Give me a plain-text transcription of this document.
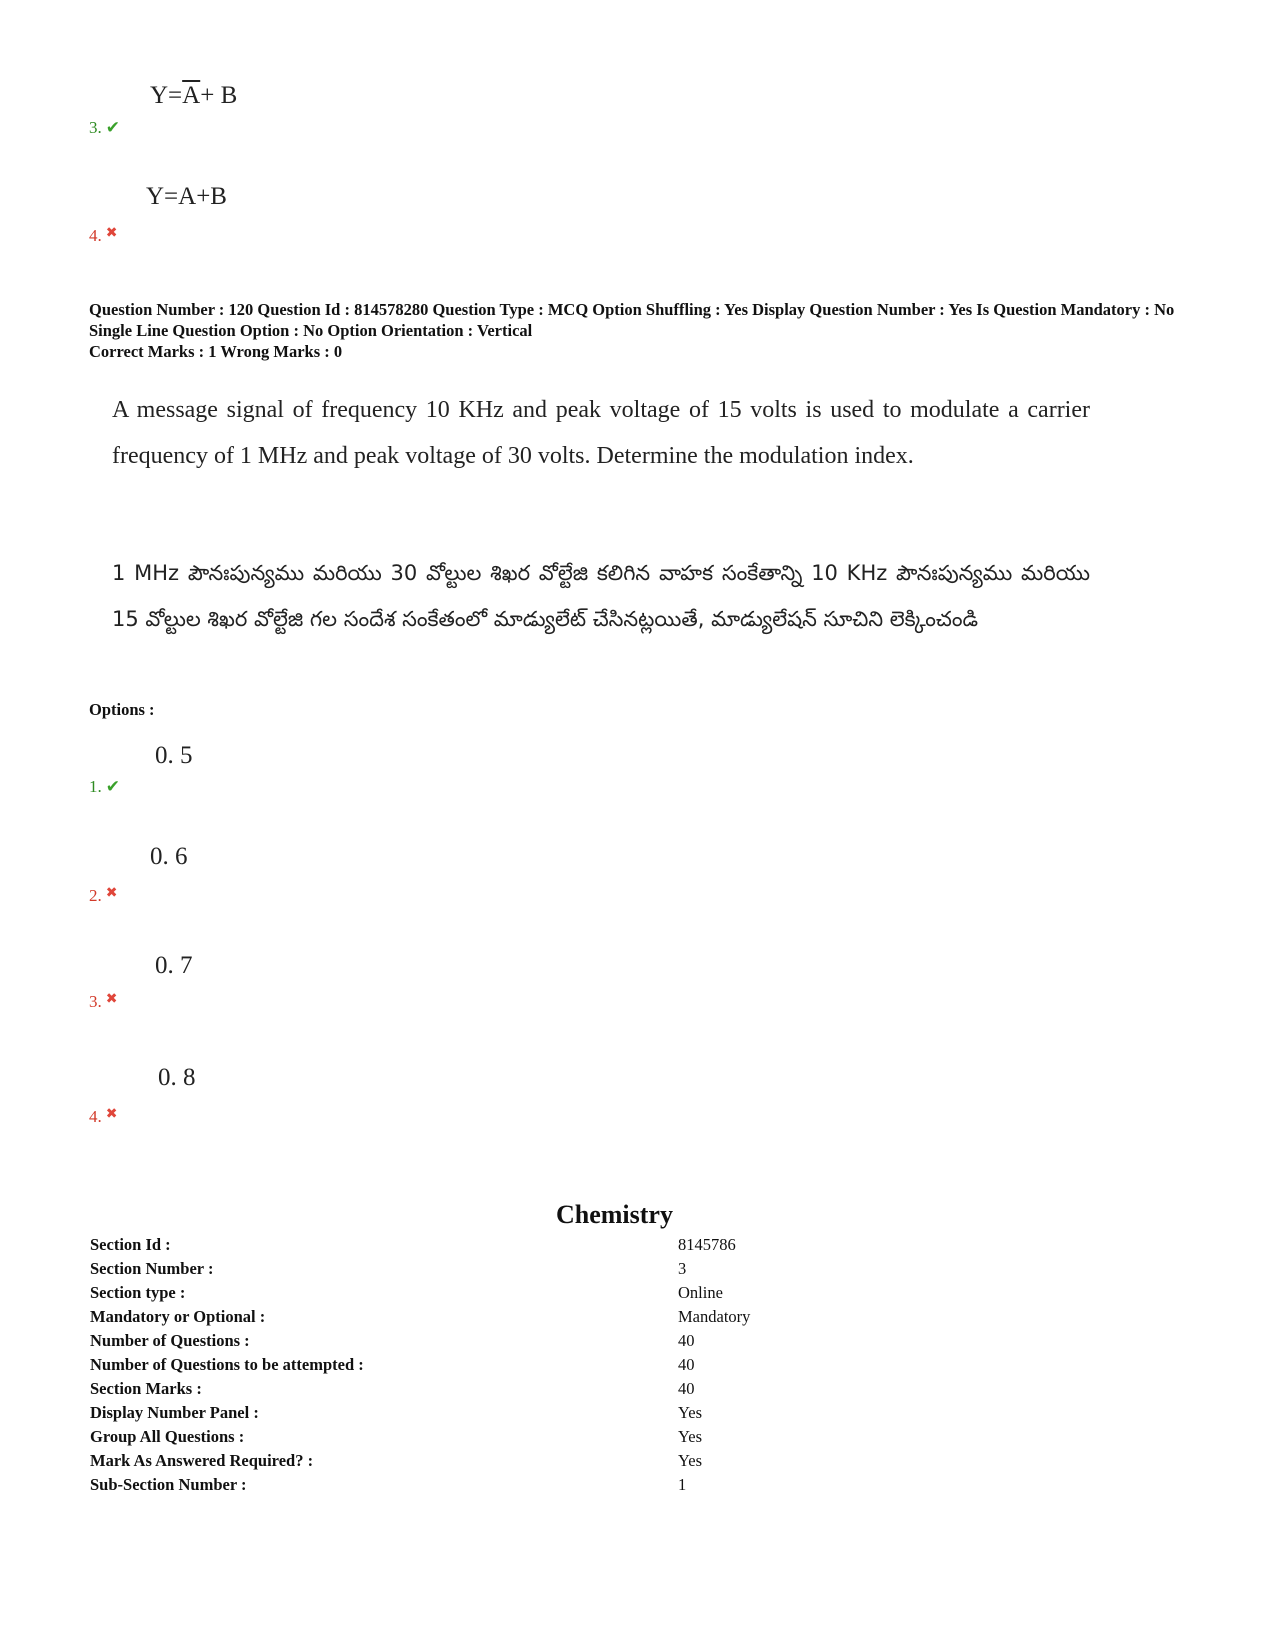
$Y=\overline{A}+ B$
3. ✔
Y=A+B
4. ✖
Question Number : 120 Question Id : 814578280 Question Type : MCQ Option Shuffling : Yes Display Question Number : Yes Is Question Mandatory : No Single Line Question Option : No Option Orientation : Vertical
Correct Marks : 1 Wrong Marks : 0
A message signal of frequency 10 KHz and peak voltage of 15 volts is used to modulate a carrier frequency of 1 MHz and peak voltage of 30 volts. Determine the modulation index.
1 MHz పౌనఃపున్యము మరియు 30 వోల్టుల శిఖర వోల్టేజి కలిగిన వాహక సంకేతాన్ని 10 KHz పౌనఃపున్యము మరియు 15 వోల్టుల శిఖర వోల్టేజి గల సందేశ సంకేతంలో మాడ్యులేట్ చేసినట్లయితే, మాడ్యులేషన్ సూచిని లెక్కించండి
Options :
0. 5
1. ✔
0. 6
2. ✖
0. 7
3. ✖
0. 8
4. ✖
Chemistry
Section Id :	8145786
Section Number :	3
Section type :	Online
Mandatory or Optional :	Mandatory
Number of Questions :	40
Number of Questions to be attempted :	40
Section Marks :	40
Display Number Panel :	Yes
Group All Questions :	Yes
Mark As Answered Required? :	Yes
Sub-Section Number :	1
